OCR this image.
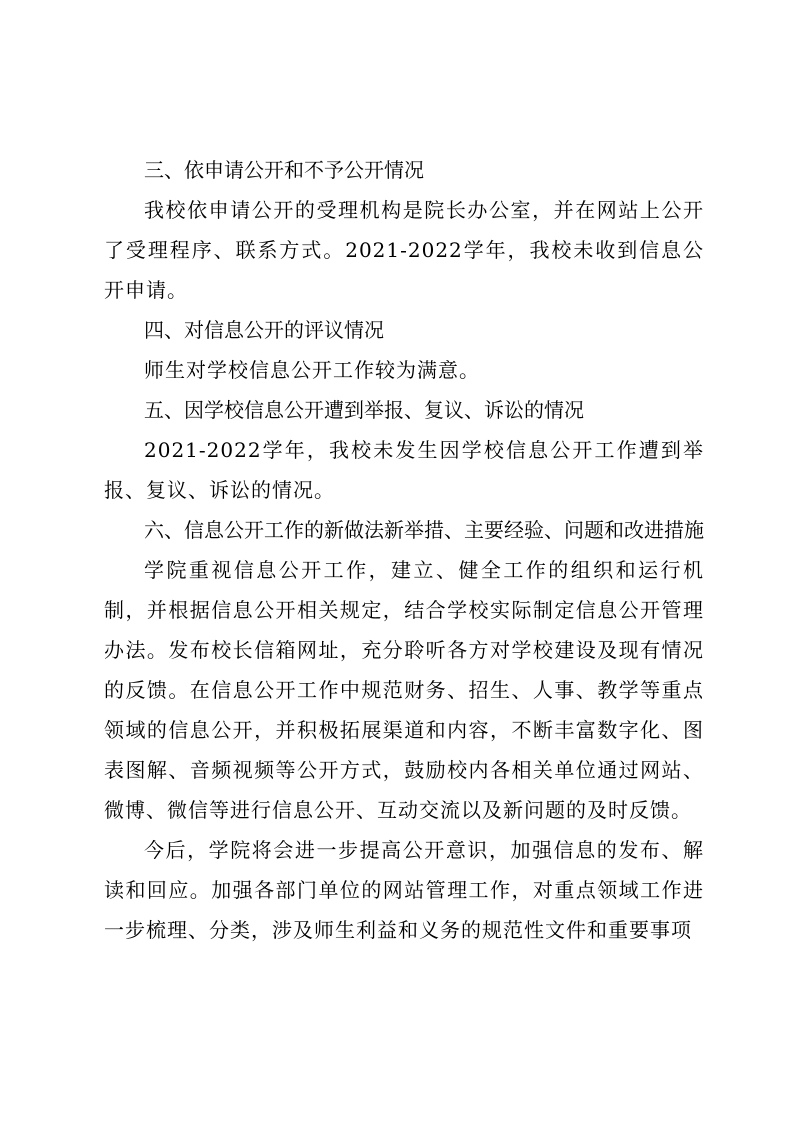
三、依申请公开和不予公开情况

我校依申请公开的受理机构是院长办公室，并在网站上公开了受理程序、联系方式。2021-2022学年，我校未收到信息公开申请。

四、对信息公开的评议情况

师生对学校信息公开工作较为满意。

五、因学校信息公开遭到举报、复议、诉讼的情况

2021-2022学年，我校未发生因学校信息公开工作遭到举报、复议、诉讼的情况。

六、信息公开工作的新做法新举措、主要经验、问题和改进措施

学院重视信息公开工作，建立、健全工作的组织和运行机制，并根据信息公开相关规定，结合学校实际制定信息公开管理办法。发布校长信箱网址，充分聆听各方对学校建设及现有情况的反馈。在信息公开工作中规范财务、招生、人事、教学等重点领域的信息公开，并积极拓展渠道和内容，不断丰富数字化、图表图解、音频视频等公开方式，鼓励校内各相关单位通过网站、微博、微信等进行信息公开、互动交流以及新问题的及时反馈。

今后，学院将会进一步提高公开意识，加强信息的发布、解读和回应。加强各部门单位的网站管理工作，对重点领域工作进一步梳理、分类，涉及师生利益和义务的规范性文件和重要事项
